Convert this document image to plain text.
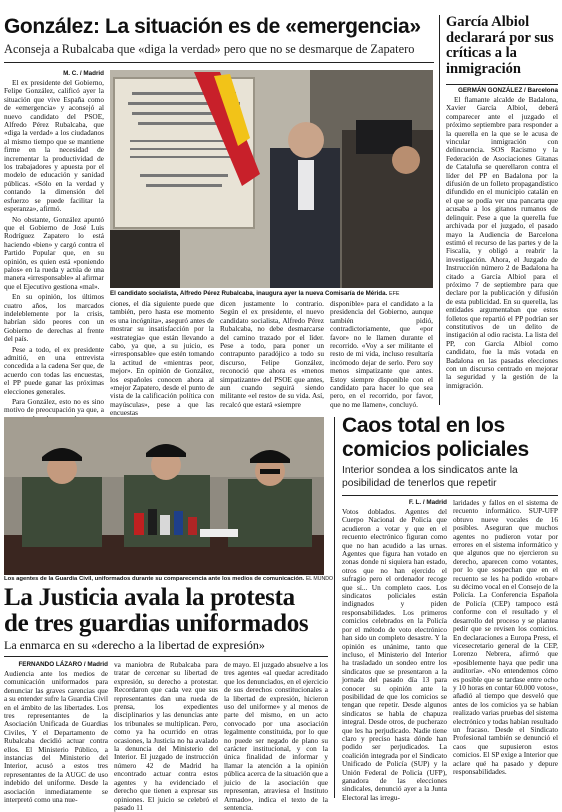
González: La situación es de «emergencia»
Aconseja a Rubalcaba que «diga la verdad» pero que no se desmarque de Zapatero
M. C. / Madrid

El ex presidente del Gobierno, Felipe González, calificó ayer la situación que vive España como de «emergencia» y aconsejó al nuevo candidato del PSOE, Alfredo Pérez Rubalcaba, que «diga la verdad» a los ciudadanos al mismo tiempo que se mantiene firme en la necesidad de incrementar la productividad de los trabajadores y apuesta por el modelo de educación y sanidad públicas. «Sólo en la verdad y contando la dimensión del esfuerzo se puede facilitar la esperanza», afirmó.

No obstante, González apuntó que el Gobierno de José Luis Rodríguez Zapatero lo está haciendo «bien» y cargó contra el Partido Popular que, en su opinión, es quien está «poniendo palos» en la rueda y actúa de una manera «irresponsable» al afirmar que el Ejecutivo gestiona «mal».

En su opinión, los últimos cuatro años, los marcados indeleblemente por la crisis, habrían sido peores con un Gobierno de derechas al frente del país.

Pese a todo, el ex presidente admitió, en una entrevista concedida a la cadena Ser que, de acuerdo con todas las encuestas, el PP puede ganar las próximas elecciones generales.

Para González, esto no es sino motivo de preocupación ya que, a

El candidato socialista, Alfredo Pérez Rubalcaba, inaugura ayer la nueva Comisaría de Mérida. EFE
ciones, el día siguiente puede que también, pero hasta ese momento es una incógnita», aseguró antes de mostrar su insatisfacción por la «estrategia» que están llevando a cabo, ya que, a su juicio, es «irresponsable» que estén tomando la actitud de «mientras peor, mejor». En opinión de González, los españoles conocen ahora al «mejor Zapatero, desde el punto de vista de la calificación política con mayúsculas», pese a que las encuestas
dicen justamente lo contrario. Según el ex presidente, el nuevo candidato socialista, Alfredo Pérez Rubalcaba, no debe desmarcarse del camino trazado por el líder. Pese a todo, para poner un contrapunto paradójico a todo su discurso, Felipe González, reconoció que ahora es «menos simpatizante» del PSOE que antes, aun cuando seguirá siendo militante «el resto» de su vida. Así, recalcó que estará «siempre
disponible» para el candidato a la presidencia del Gobierno, aunque también pidió, contradictoriamente, que «por favor» no le llamen durante el recorrido. «Voy a ser militante el resto de mi vida, incluso resultaría incómodo dejar de serlo. Pero soy menos simpatizante que antes. Estoy siempre disponible con el candidato para hacer lo que sea pero, en el recorrido, por favor, que no me llamen», concluyó.
García Albiol declarará por sus críticas a la inmigración
GERMÁN GONZÁLEZ / Barcelona
El flamante alcalde de Badalona, Xavier García Albiol, deberá comparecer ante el juzgado el próximo septiembre para responder a la querella en la que se le acusa de vincular inmigración con delincuencia. SOS Racismo y la Federación de Asociaciones Gitanas de Cataluña se querellaron contra el líder del PP en Badalona por la difusión de un folleto propagandístico difundido en el municipio catalán en el que se podía ver una pancarta que acusaba a los gitanos rumanos de delinquir. Pese a que la querella fue archivada por el juzgado, el pasado mayo la Audiencia de Barcelona estimó el recurso de las partes y de la Fiscalía, y obligó a reabrir la investigación. Ahora, el Juzgado de Instrucción número 2 de Badalona ha citado a García Albiol para el próximo 7 de septiembre para que declare por la publicación y difusión de esta publicidad. En su querella, las entidades argumentaban que estos folletos que repartió el PP podrían ser constitutivos de un delito de instigación al odio racista. La lista del PP, con García Albiol como candidato, fue la más votada en Badalona en las pasadas elecciones con un discurso centrado en mejorar la seguridad y la gestión de la inmigración.
Los agentes de la Guardia Civil, uniformados durante su comparecencia ante los medios de comunicación. EL MUNDO
La Justicia avala la protesta
de tres guardias uniformados
La enmarca en su «derecho a la libertad de expresión»
FERNANDO LÁZARO / Madrid
Audiencia ante los medios de comunicación uniformados para denunciar las graves carencias que a su entender sufre la Guardia Civil en el ámbito de las libertades. Los tres representantes de la Asociación Unificada de Guardias Civiles, Y el Departamento de Rubalcaba decidió actuar contra ellos. El Ministerio Público, a instancias del Ministerio del Interior, acusó a estos tres representantes de la AUGC de uso indebido del uniforme. Desde la asociación inmediatamente se interpretó como una nue-
va maniobra de Rubalcaba para tratar de cercenar su libertad de expresión, su derecho a protestar. Recordaron que cada vez que sus representantes dan una rueda de prensa, los expedientes disciplinarios y las denuncias ante los tribunales se multiplican. Pero, como ya ha ocurrido en otras ocasiones, la Justicia no ha avalado la denuncia del Ministerio del Interior. El juzgado de instrucción número 42 de Madrid ha encontrado actuar contra estos agentes y ha evidenciado el derecho que tienen a expresar sus opiniones. El juicio se celebró el pasado 11
de mayo. El juzgado absuelve a los tres agentes «al quedar acreditado que los denunciados, en el ejercicio de sus derechos constitucionales a la libertad de expresión, hicieron uso del uniforme» y al menos de parte del mismo, en un acto convocado por una asociación legalmente constituida, por lo que no puede ser negado de plano su carácter institucional, y con la única finalidad de informar y llamar la atención a la opinión pública acerca de la situación que a juicio de la asociación que representan, atraviesa el Instituto Armado», indica el texto de la sentencia.
Caos total en los
comicios policiales
Interior sondea a los sindicatos ante la posibilidad de tenerlos que repetir
F. L. / Madrid
Votos doblados. Agentes del Cuerpo Nacional de Policía que acudieron a votar y que en el recuento electrónico figuran como que no han acudido a las urnas. Agentes que figura han votado en zonas donde ni siquiera han estado, otros que no han ejercido el sufragio pero el ordenador recoge que sí... Un completo caos. Los sindicatos policiales están indignados y piden responsabilidades. Los primeros comicios celebrados en la Policía por el método de voto electrónico han sido un completo desastre. Y la opinión es unánime, tanto que incluso, el Ministerio del Interior ha trasladado un sondeo entre los sindicatos que se presentaron a la jornada del pasado día 13 para conocer su opinión ante la posibilidad de que los comicios se tengan que repetir. Desde algunos sindicatos se habla de chapuza integral. Desde otros, de pucherazo que les ha perjudicado. Nadie tiene claro y preciso hasta dónde han podido ser perjudicados. La coalición integrada por el Sindicato Unificado de Policía (SUP) y la Unión Federal de Policía (UFP), ganadora de las elecciones sindicales, denunció ayer a la Junta Electoral las irregu-
laridades y fallos en el sistema de recuento informático. SUP-UFP obtuvo nueve vocales de 16 posibles. Aseguran que muchos agentes no pudieron votar por errores en el sistema informático y que algunos que no ejercieron su derecho, aparecen como votantes, por lo que sospechan que en el recuento se les ha podido «robar» su décimo vocal en el Consejo de la Policía. La Conferencia Española de Policía (CEP) tampoco está conforme con el resultado y el desarrollo del proceso y se plantea pedir que se revisen los comicios. En declaraciones a Europa Press, el vicesecretario general de la CEP, Lorenzo Nebrera, afirmó que «posiblemente haya que pedir una auditoría». «No entendemos cómo es posible que se tardase entre ocho y 10 horas en contar 60.000 votos», añadió al tiempo que desveló que antes de los comicios ya se habían realizado varias pruebas del sistema electrónico y todas habían resultado un fracaso. Desde el Sindicato Profesional también se denunció el caos que supusieron estos comicios. El SP exige a Interior que aclare qué ha pasado y depure responsabilidades.
